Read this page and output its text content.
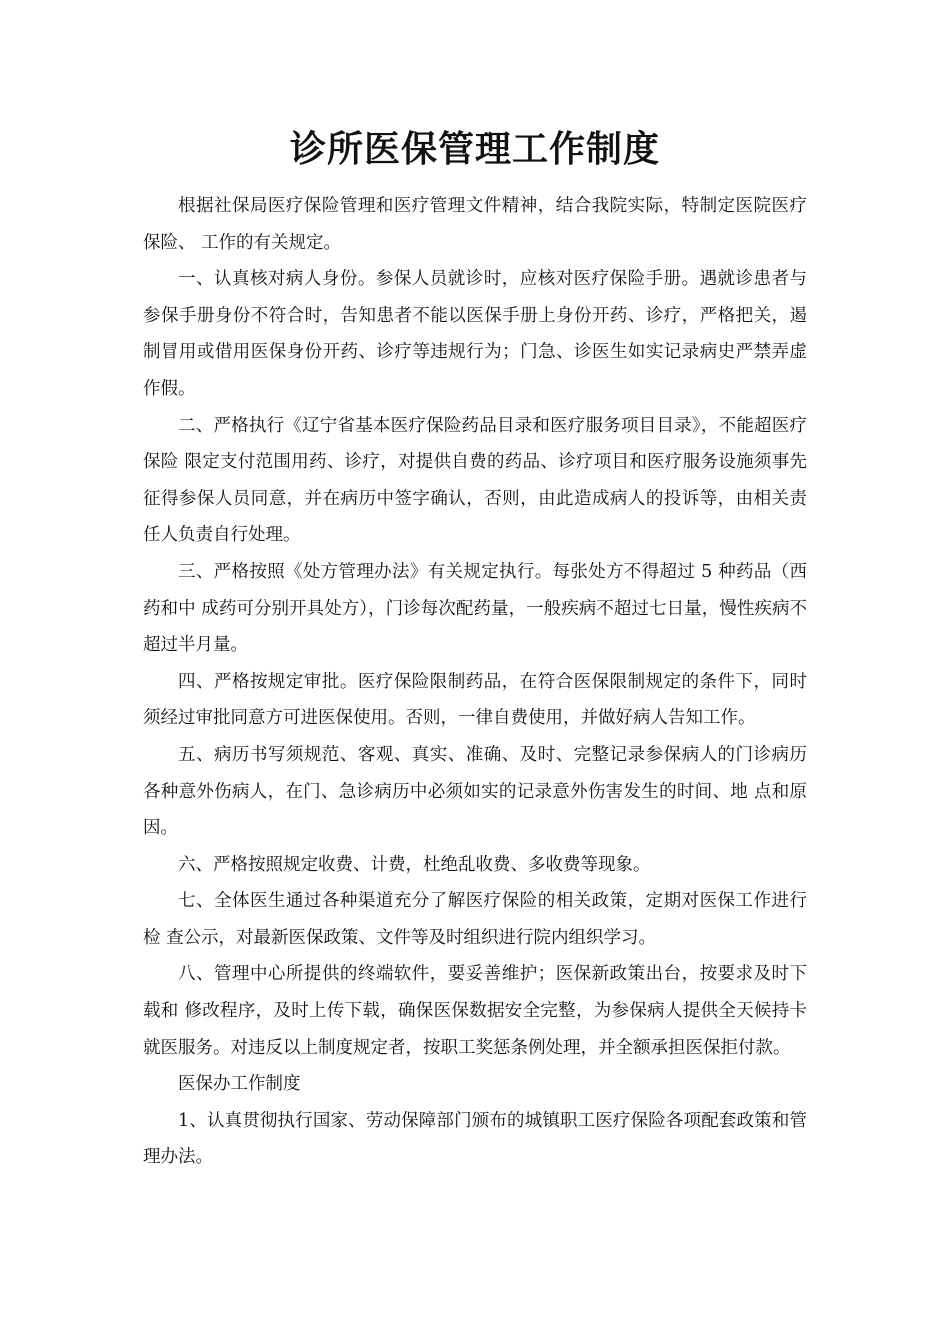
诊所医保管理工作制度

根据社保局医疗保险管理和医疗管理文件精神，结合我院实际，特制定医院医疗保险、 工作的有关规定。

一、认真核对病人身份。参保人员就诊时，应核对医疗保险手册。遇就诊患者与参保手册身份不符合时，告知患者不能以医保手册上身份开药、诊疗，严格把关，遏制冒用或借用医保身份开药、诊疗等违规行为；门急、诊医生如实记录病史严禁弄虚作假。

二、严格执行《辽宁省基本医疗保险药品目录和医疗服务项目目录》，不能超医疗保险 限定支付范围用药、诊疗，对提供自费的药品、诊疗项目和医疗服务设施须事先征得参保人员同意，并在病历中签字确认，否则，由此造成病人的投诉等，由相关责任人负责自行处理。

三、严格按照《处方管理办法》有关规定执行。每张处方不得超过 5 种药品（西药和中 成药可分别开具处方），门诊每次配药量，一般疾病不超过七日量，慢性疾病不超过半月量。

四、严格按规定审批。医疗保险限制药品，在符合医保限制规定的条件下，同时须经过审批同意方可进医保使用。否则，一律自费使用，并做好病人告知工作。

五、病历书写须规范、客观、真实、准确、及时、完整记录参保病人的门诊病历 各种意外伤病人，在门、急诊病历中必须如实的记录意外伤害发生的时间、地 点和原因。

六、严格按照规定收费、计费，杜绝乱收费、多收费等现象。

七、全体医生通过各种渠道充分了解医疗保险的相关政策，定期对医保工作进行检 查公示，对最新医保政策、文件等及时组织进行院内组织学习。

八、管理中心所提供的终端软件，要妥善维护；医保新政策出台，按要求及时下载和 修改程序，及时上传下载，确保医保数据安全完整，为参保病人提供全天候持卡就医服务。对违反以上制度规定者，按职工奖惩条例处理，并全额承担医保拒付款。

医保办工作制度

1、认真贯彻执行国家、劳动保障部门颁布的城镇职工医疗保险各项配套政策和管理办法。
